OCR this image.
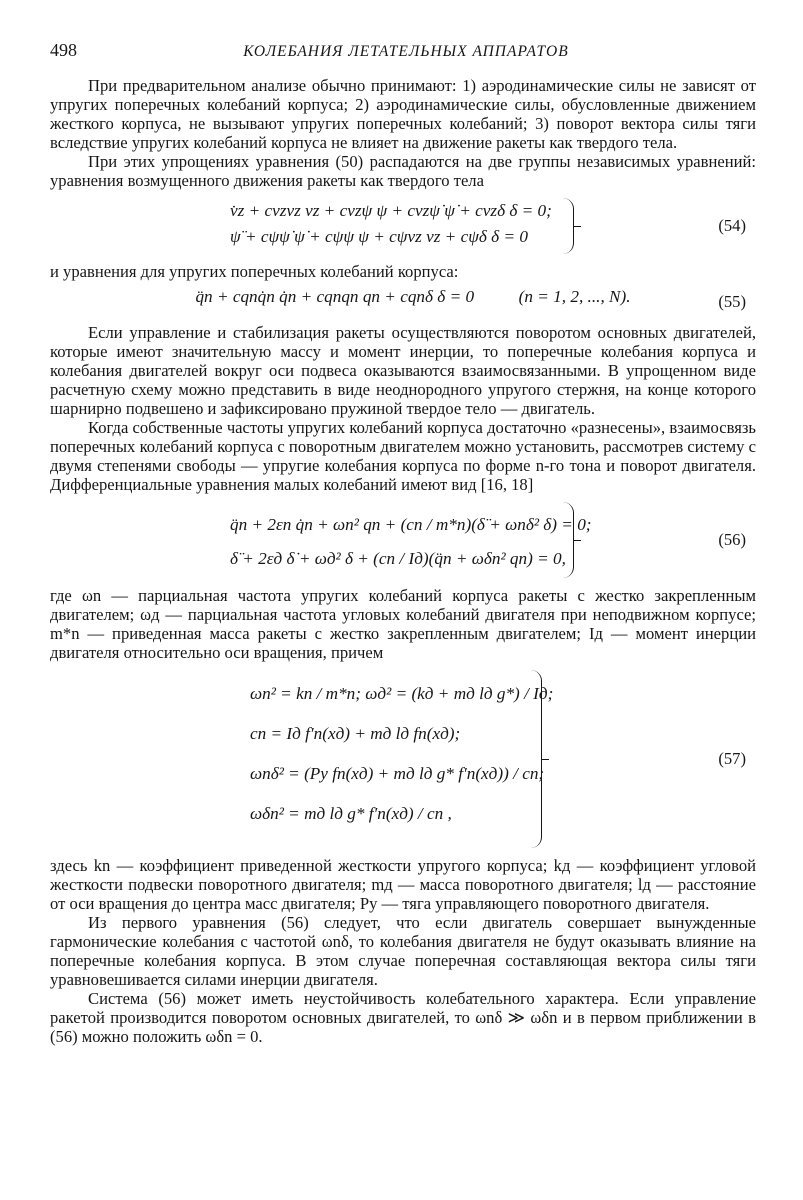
498	КОЛЕБАНИЯ ЛЕТАТЕЛЬНЫХ АППАРАТОВ

При предварительном анализе обычно принимают: 1) аэродинамические силы не зависят от упругих поперечных колебаний корпуса; 2) аэродинамические силы, обусловленные движением жесткого корпуса, не вызывают упругих поперечных колебаний; 3) поворот вектора силы тяги вследствие упругих колебаний корпуса не влияет на движение ракеты как твердого тела.

При этих упрощениях уравнения (50) распадаются на две группы независимых уравнений: уравнения возмущенного движения ракеты как твердого тела

v̇z + cvzvz vz + cvzψ ψ + cvzψ̇ ψ̇ + cvzδ δ = 0;
ψ̈ + cψψ̇ ψ̇ + cψψ ψ + cψvz vz + cψδ δ = 0
(54)

и уравнения для упругих поперечных колебаний корпуса:

q̈n + cqnq̇n q̇n + cqnqn qn + cqnδ δ = 0	(n = 1, 2, ..., N).	(55)

Если управление и стабилизация ракеты осуществляются поворотом основных двигателей, которые имеют значительную массу и момент инерции, то поперечные колебания корпуса и колебания двигателей вокруг оси подвеса оказываются взаимосвязанными. В упрощенном виде расчетную схему можно представить в виде неоднородного упругого стержня, на конце которого шарнирно подвешено и зафиксировано пружиной твердое тело — двигатель.

Когда собственные частоты упругих колебаний корпуса достаточно «разнесены», взаимосвязь поперечных колебаний корпуса с поворотным двигателем можно установить, рассмотрев систему с двумя степенями свободы — упругие колебания корпуса по форме n-го тона и поворот двигателя. Дифференциальные уравнения малых колебаний имеют вид [16, 18]

q̈n + 2εn q̇n + ωn² qn + (cn / m*n)(δ̈ + ωnδ² δ) = 0;
δ̈ + 2εд δ̇ + ωд² δ + (cn / Iд)(q̈n + ωδn² qn) = 0,
(56)

где ωn — парциальная частота упругих колебаний корпуса ракеты с жестко закрепленным двигателем; ωд — парциальная частота угловых колебаний двигателя при неподвижном корпусе; m*n — приведенная масса ракеты с жестко закрепленным двигателем; Iд — момент инерции двигателя относительно оси вращения, причем

ωn² = kn / m*n; ωд² = (kд + mд lд g*) / Iд;
cn = Iд f′n(xд) + mд lд fn(xд);
ωnδ² = (Py fn(xд) + mд lд g* f′n(xд)) / cn;
ωδn² = mд lд g* f′n(xд) / cn ,
(57)

здесь kn — коэффициент приведенной жесткости упругого корпуса; kд — коэффициент угловой жесткости подвески поворотного двигателя; mд — масса поворотного двигателя; lд — расстояние от оси вращения до центра масс двигателя; Py — тяга управляющего поворотного двигателя.

Из первого уравнения (56) следует, что если двигатель совершает вынужденные гармонические колебания с частотой ωnδ, то колебания двигателя не будут оказывать влияние на поперечные колебания корпуса. В этом случае поперечная составляющая вектора силы тяги уравновешивается силами инерции двигателя.

Система (56) может иметь неустойчивость колебательного характера. Если управление ракетой производится поворотом основных двигателей, то ωnδ ≫ ωδn и в первом приближении в (56) можно положить ωδn = 0.
